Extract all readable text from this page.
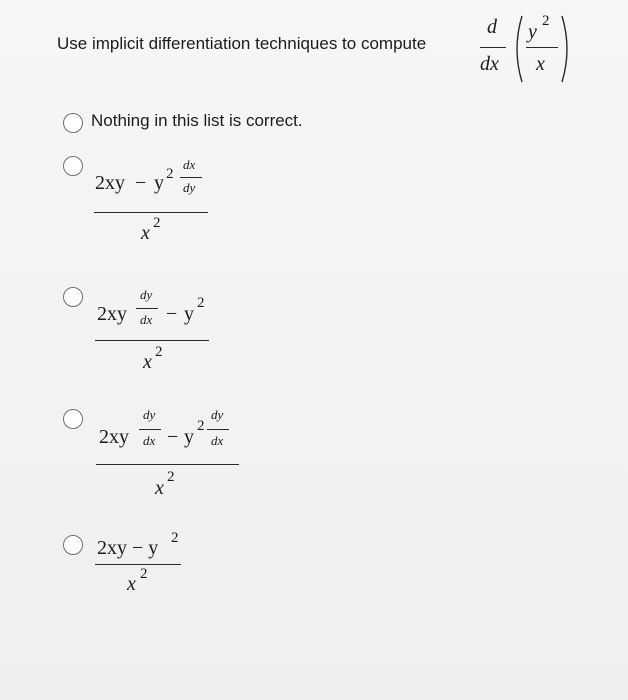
Use implicit differentiation techniques to compute
d
dx
y 2
x
Nothing in this list is correct.
2xy − y 2
dx
dy
x 2
2xy
dy
dx − y 2
x 2
2xy
dy
dx − y 2
dy
dx
x 2
2xy − y 2
x 2
